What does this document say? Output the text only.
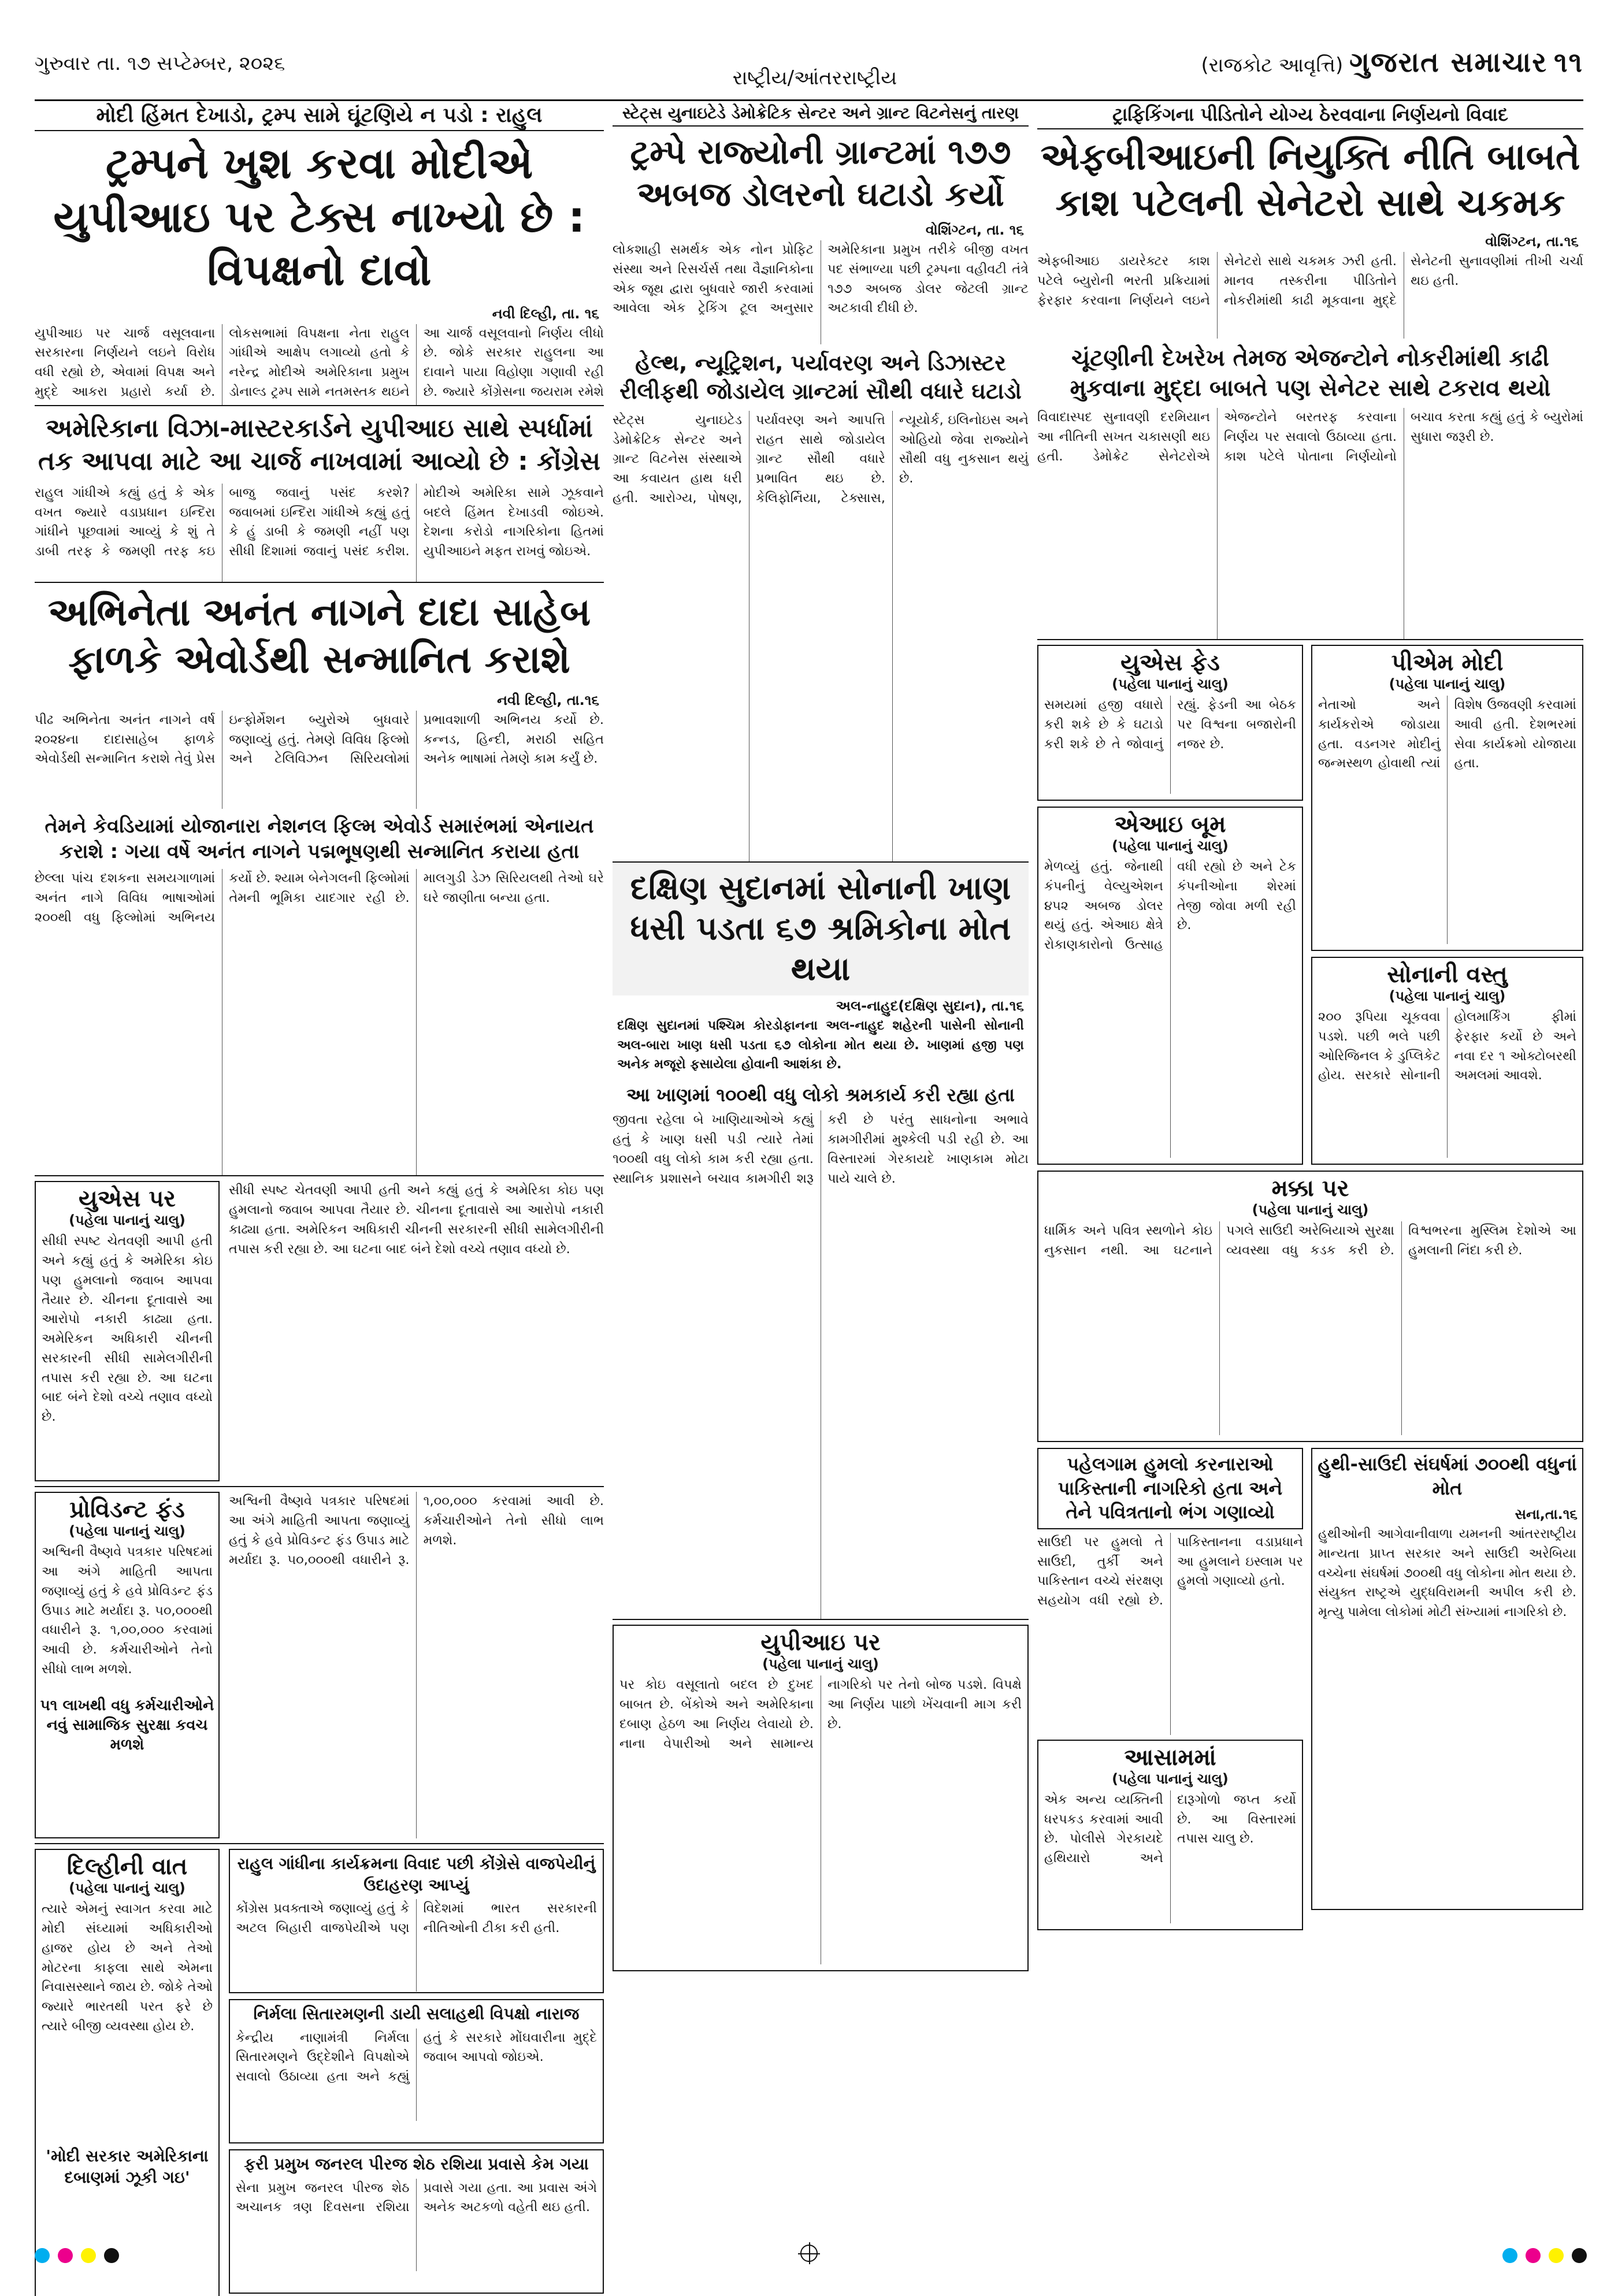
ગુરુવાર તા. ૧૭ સપ્ટેમ્બર, ૨૦૨૬
રાષ્ટ્રીય/આંતરરાષ્ટ્રીય
(રાજકોટ આવૃત્તિ) ગુજરાત સમાચાર ૧૧
મોદી હિંમત દેખાડો, ટ્રમ્પ સામે ઘૂંટણિયે ન પડો : રાહુલ
ટ્રમ્પને ખુશ કરવા મોદીએ યુપીઆઇ પર ટેક્સ નાખ્યો છે : વિપક્ષનો દાવો
નવી દિલ્હી, તા. ૧૬
યુપીઆઇ પર ચાર્જ વસૂલવાના સરકારના નિર્ણયને લઇને વિરોધ વધી રહ્યો છે, એવામાં વિપક્ષ અને મુદ્દે આકરા પ્રહારો કર્યા છે. લોકસભામાં વિપક્ષના નેતા રાહુલ ગાંધીએ આક્ષેપ લગાવ્યો હતો કે નરેન્દ્ર મોદીએ અમેરિકાના પ્રમુખ ડોનાલ્ડ ટ્રમ્પ સામે નતમસ્તક થઇને આ ચાર્જ વસૂલવાનો નિર્ણય લીધો છે. જોકે સરકાર રાહુલના આ દાવાને પાયા વિહોણા ગણાવી રહી છે. જ્યારે કોંગ્રેસના જયરામ રમેશે
અમેરિકાના વિઝા-માસ્ટરકાર્ડને યુપીઆઇ સાથે સ્પર્ધામાં તક આપવા માટે આ ચાર્જ નાખવામાં આવ્યો છે : કોંગ્રેસ
રાહુલ ગાંધીએ કહ્યું હતું કે એક વખત જ્યારે વડાપ્રધાન ઇન્દિરા ગાંધીને પૂછવામાં આવ્યું કે શું તે ડાબી તરફ કે જમણી તરફ કઇ બાજુ જવાનું પસંદ કરશે? જવાબમાં ઇન્દિરા ગાંધીએ કહ્યું હતું કે હું ડાબી કે જમણી નહીં પણ સીધી દિશામાં જવાનું પસંદ કરીશ. મોદીએ અમેરિકા સામે ઝૂકવાને બદલે હિંમત દેખાડવી જોઇએ. દેશના કરોડો નાગરિકોના હિતમાં યુપીઆઇને મફત રાખવું જોઇએ.
અભિનેતા અનંત નાગને દાદા સાહેબ ફાળકે એવોર્ડથી સન્માનિત કરાશે
નવી દિલ્હી, તા.૧૬
પીઢ અભિનેતા અનંત નાગને વર્ષ ૨૦૨૪ના દાદાસાહેબ ફાળકે એવોર્ડથી સન્માનિત કરાશે તેવું પ્રેસ ઇન્ફોર્મેશન બ્યુરોએ બુધવારે જણાવ્યું હતું. તેમણે વિવિધ ફિલ્મો અને ટેલિવિઝન સિરિયલોમાં પ્રભાવશાળી અભિનય કર્યો છે. કન્નડ, હિન્દી, મરાઠી સહિત અનેક ભાષામાં તેમણે કામ કર્યું છે.
તેમને કેવડિયામાં યોજાનારા નેશનલ ફિલ્મ એવોર્ડ સમારંભમાં એનાયત કરાશે : ગયા વર્ષે અનંત નાગને પદ્મભૂષણથી સન્માનિત કરાયા હતા
છેલ્લા પાંચ દશકના સમયગાળામાં અનંત નાગે વિવિધ ભાષાઓમાં ૨૦૦થી વધુ ફિલ્મોમાં અભિનય કર્યો છે. શ્યામ બેનેગલની ફિલ્મોમાં તેમની ભૂમિકા યાદગાર રહી છે. માલગુડી ડેઝ સિરિયલથી તેઓ ઘરે ઘરે જાણીતા બન્યા હતા.
યુએસ પર
(પહેલા પાનાનું ચાલુ)
સીધી સ્પષ્ટ ચેતવણી આપી હતી અને કહ્યું હતું કે અમેરિકા કોઇ પણ હુમલાનો જવાબ આપવા તૈયાર છે. ચીનના દૂતાવાસે આ આરોપો નકારી કાઢ્યા હતા. અમેરિકન અધિકારી ચીનની સરકારની સીધી સામેલગીરીની તપાસ કરી રહ્યા છે. આ ઘટના બાદ બંને દેશો વચ્ચે તણાવ વધ્યો છે.
સીધી સ્પષ્ટ ચેતવણી આપી હતી અને કહ્યું હતું કે અમેરિકા કોઇ પણ હુમલાનો જવાબ આપવા તૈયાર છે. ચીનના દૂતાવાસે આ આરોપો નકારી કાઢ્યા હતા. અમેરિકન અધિકારી ચીનની સરકારની સીધી સામેલગીરીની તપાસ કરી રહ્યા છે. આ ઘટના બાદ બંને દેશો વચ્ચે તણાવ વધ્યો છે.
પ્રોવિડન્ટ ફંડ
(પહેલા પાનાનું ચાલુ)
અશ્વિની વૈષ્ણવે પત્રકાર પરિષદમાં આ અંગે માહિતી આપતા જણાવ્યું હતું કે હવે પ્રોવિડન્ટ ફંડ ઉપાડ માટે મર્યાદા રૂ. ૫૦,૦૦૦થી વધારીને રૂ. ૧,૦૦,૦૦૦ કરવામાં આવી છે. કર્મચારીઓને તેનો સીધો લાભ મળશે.
૫૧ લાખથી વધુ કર્મચારીઓને નવું સામાજિક સુરક્ષા કવચ મળશે
અશ્વિની વૈષ્ણવે પત્રકાર પરિષદમાં આ અંગે માહિતી આપતા જણાવ્યું હતું કે હવે પ્રોવિડન્ટ ફંડ ઉપાડ માટે મર્યાદા રૂ. ૫૦,૦૦૦થી વધારીને રૂ. ૧,૦૦,૦૦૦ કરવામાં આવી છે. કર્મચારીઓને તેનો સીધો લાભ મળશે.
દિલ્હીની વાત
(પહેલા પાનાનું ચાલુ)
ત્યારે એમનું સ્વાગત કરવા માટે મોદી સંઘ્યામાં અધિકારીઓ હાજર હોય છે અને તેઓ મોટરના કાફલા સાથે એમના નિવાસસ્થાને જાય છે. જોકે તેઓ જ્યારે ભારતથી પરત ફરે છે ત્યારે બીજી વ્યવસ્થા હોય છે.
'મોદી સરકાર અમેરિકાના દબાણમાં ઝૂકી ગઇ'
રાહુલ ગાંધીના કાર્યક્રમના વિવાદ પછી કોંગ્રેસે વાજપેયીનું ઉદાહરણ આપ્યું
કોંગ્રેસ પ્રવક્તાએ જણાવ્યું હતું કે અટલ બિહારી વાજપેયીએ પણ વિદેશમાં ભારત સરકારની નીતિઓની ટીકા કરી હતી.
નિર્મલા સિતારમણની ડાયી સલાહથી વિપક્ષો નારાજ
કેન્દ્રીય નાણામંત્રી નિર્મલા સિતારમણને ઉદ્દેશીને વિપક્ષોએ સવાલો ઉઠાવ્યા હતા અને કહ્યું હતું કે સરકારે મોંઘવારીના મુદ્દે જવાબ આપવો જોઇએ.
ફરી પ્રમુખ જનરલ પીરજ શેઠ રશિયા પ્રવાસે કેમ ગયા
સેના પ્રમુખ જનરલ પીરજ શેઠ અચાનક ત્રણ દિવસના રશિયા પ્રવાસે ગયા હતા. આ પ્રવાસ અંગે અનેક અટકળો વહેતી થઇ હતી.
સ્ટેટ્સ યુનાઇટેડે ડેમોક્રેટિક સેન્ટર અને ગ્રાન્ટ વિટનેસનું તારણ
ટ્રમ્પે રાજ્યોની ગ્રાન્ટમાં ૧૭૭ અબજ ડોલરનો ઘટાડો કર્યો
વોશિંગ્ટન, તા. ૧૬
લોકશાહી સમર્થક એક નોન પ્રોફિટ સંસ્થા અને રિસર્ચર્સ તથા વૈજ્ઞાનિકોના એક જૂથ દ્વારા બુધવારે જારી કરવામાં આવેલા એક ટ્રેકિંગ ટૂલ અનુસાર અમેરિકાના પ્રમુખ તરીકે બીજી વખત પદ સંભાળ્યા પછી ટ્રમ્પના વહીવટી તંત્રે ૧૭૭ અબજ ડોલર જેટલી ગ્રાન્ટ અટકાવી દીધી છે.
હેલ્થ, ન્યૂટ્રિશન, પર્યાવરણ અને ડિઝાસ્ટર રીલીફથી જોડાયેલ ગ્રાન્ટમાં સૌથી વધારે ઘટાડો
સ્ટેટ્સ યુનાઇટેડ ડેમોક્રેટિક સેન્ટર અને ગ્રાન્ટ વિટનેસ સંસ્થાએ આ કવાયત હાથ ધરી હતી. આરોગ્ય, પોષણ, પર્યાવરણ અને આપત્તિ રાહત સાથે જોડાયેલ ગ્રાન્ટ સૌથી વધારે પ્રભાવિત થઇ છે. કેલિફોર્નિયા, ટેક્સાસ, ન્યૂયોર્ક, ઇલિનોઇસ અને ઓહિયો જેવા રાજ્યોને સૌથી વધુ નુકસાન થયું છે.
દક્ષિણ સુદાનમાં સોનાની ખાણ ધસી પડતા ૬૭ શ્રમિકોના મોત થયા
અલ-નાહુદ(દક્ષિણ સુદાન), તા.૧૬
દક્ષિણ સુદાનમાં પશ્ચિમ કોરડોફાનના અલ-નાહુદ શહેરની પાસેની સોનાની અલ-બારા ખાણ ધસી પડતા ૬૭ લોકોના મોત થયા છે. ખાણમાં હજી પણ અનેક મજૂરો ફસાયેલા હોવાની આશંકા છે.
આ ખાણમાં ૧૦૦થી વધુ લોકો શ્રમકાર્ય કરી રહ્યા હતા
જીવતા રહેલા બે ખાણિયાઓએ કહ્યું હતું કે ખાણ ધસી પડી ત્યારે તેમાં ૧૦૦થી વધુ લોકો કામ કરી રહ્યા હતા. સ્થાનિક પ્રશાસને બચાવ કામગીરી શરૂ કરી છે પરંતુ સાધનોના અભાવે કામગીરીમાં મુશ્કેલી પડી રહી છે. આ વિસ્તારમાં ગેરકાયદે ખાણકામ મોટા પાયે ચાલે છે.
યુપીઆઇ પર
(પહેલા પાનાનું ચાલુ)
પર કોઇ વસૂલાતો બદલ છે દુખદ બાબત છે. બેંકોએ અને અમેરિકાના દબાણ હેઠળ આ નિર્ણય લેવાયો છે. નાના વેપારીઓ અને સામાન્ય નાગરિકો પર તેનો બોજ પડશે. વિપક્ષે આ નિર્ણય પાછો ખેંચવાની માગ કરી છે.
ટ્રાફિકિંગના પીડિતોને યોગ્ય ઠેરવવાના નિર્ણયનો વિવાદ
એફબીઆઇની નિયુક્તિ નીતિ બાબતે કાશ પટેલની સેનેટરો સાથે ચકમક
વોશિંગ્ટન, તા.૧૬
એફબીઆઇ ડાયરેક્ટર કાશ પટેલે બ્યુરોની ભરતી પ્રક્રિયામાં ફેરફાર કરવાના નિર્ણયને લઇને સેનેટરો સાથે ચકમક ઝરી હતી. માનવ તસ્કરીના પીડિતોને નોકરીમાંથી કાઢી મૂકવાના મુદ્દે સેનેટની સુનાવણીમાં તીખી ચર્ચા થઇ હતી.
ચૂંટણીની દેખરેખ તેમજ એજન્ટોને નોકરીમાંથી કાઢી મુકવાના મુદ્દા બાબતે પણ સેનેટર સાથે ટકરાવ થયો
વિવાદાસ્પદ સુનાવણી દરમિયાન આ નીતિની સખત ચકાસણી થઇ હતી. ડેમોક્રેટ સેનેટરોએ એજન્ટોને બરતરફ કરવાના નિર્ણય પર સવાલો ઉઠાવ્યા હતા. કાશ પટેલે પોતાના નિર્ણયોનો બચાવ કરતા કહ્યું હતું કે બ્યુરોમાં સુધારા જરૂરી છે.
યુએસ ફેડ
(પહેલા પાનાનું ચાલુ)
સમયમાં હજી વધારો કરી શકે છે કે ઘટાડો કરી શકે છે તે જોવાનું રહ્યું. ફેડની આ બેઠક પર વિશ્વના બજારોની નજર છે.
એઆઇ બૂમ
(પહેલા પાનાનું ચાલુ)
મેળવ્યું હતું. જેનાથી કંપનીનું વેલ્યુએશન ૪૫૨ અબજ ડોલર થયું હતું. એઆઇ ક્ષેત્રે રોકાણકારોનો ઉત્સાહ વધી રહ્યો છે અને ટેક કંપનીઓના શેરમાં તેજી જોવા મળી રહી છે.
પીએમ મોદી
(પહેલા પાનાનું ચાલુ)
નેતાઓ અને કાર્યકરોએ જોડાયા હતા. વડનગર મોદીનું જન્મસ્થળ હોવાથી ત્યાં વિશેષ ઉજવણી કરવામાં આવી હતી. દેશભરમાં સેવા કાર્યક્રમો યોજાયા હતા.
સોનાની વસ્તુ
(પહેલા પાનાનું ચાલુ)
૨૦૦ રૂપિયા ચૂકવવા પડશે. પછી ભલે પછી ઓરિજિનલ કે ડુપ્લિકેટ હોય. સરકારે સોનાની હોલમાર્કિંગ ફીમાં ફેરફાર કર્યો છે અને નવા દર ૧ ઓક્ટોબરથી અમલમાં આવશે.
મક્કા પર
(પહેલા પાનાનું ચાલુ)
ધાર્મિક અને પવિત્ર સ્થળોને કોઇ નુકસાન નથી. આ ઘટનાને પગલે સાઉદી અરેબિયાએ સુરક્ષા વ્યવસ્થા વધુ કડક કરી છે. વિશ્વભરના મુસ્લિમ દેશોએ આ હુમલાની નિંદા કરી છે.
પહેલગામ હુમલો કરનારાઓ પાકિસ્તાની નાગરિકો હતા અને તેને પવિત્રતાનો ભંગ ગણાવ્યો
સાઉદી પર હુમલો તે સાઉદી, તુર્કી અને પાકિસ્તાન વચ્ચે સંરક્ષણ સહયોગ વધી રહ્યો છે. પાકિસ્તાનના વડાપ્રધાને આ હુમલાને ઇસ્લામ પર હુમલો ગણાવ્યો હતો.
આસામમાં
(પહેલા પાનાનું ચાલુ)
એક અન્ય વ્યક્તિની ધરપકડ કરવામાં આવી છે. પોલીસે ગેરકાયદે હથિયારો અને દારૂગોળો જપ્ત કર્યો છે. આ વિસ્તારમાં તપાસ ચાલુ છે.
હુથી-સાઉદી સંઘર્ષમાં ૭૦૦થી વધુનાં મોત
સના,તા.૧૬
હુથીઓની આગેવાનીવાળા યમનની આંતરરાષ્ટ્રીય માન્યતા પ્રાપ્ત સરકાર અને સાઉદી અરેબિયા વચ્ચેના સંઘર્ષમાં ૭૦૦થી વધુ લોકોના મોત થયા છે. સંયુક્ત રાષ્ટ્રએ યુદ્ધવિરામની અપીલ કરી છે. મૃત્યુ પામેલા લોકોમાં મોટી સંખ્યામાં નાગરિકો છે.
